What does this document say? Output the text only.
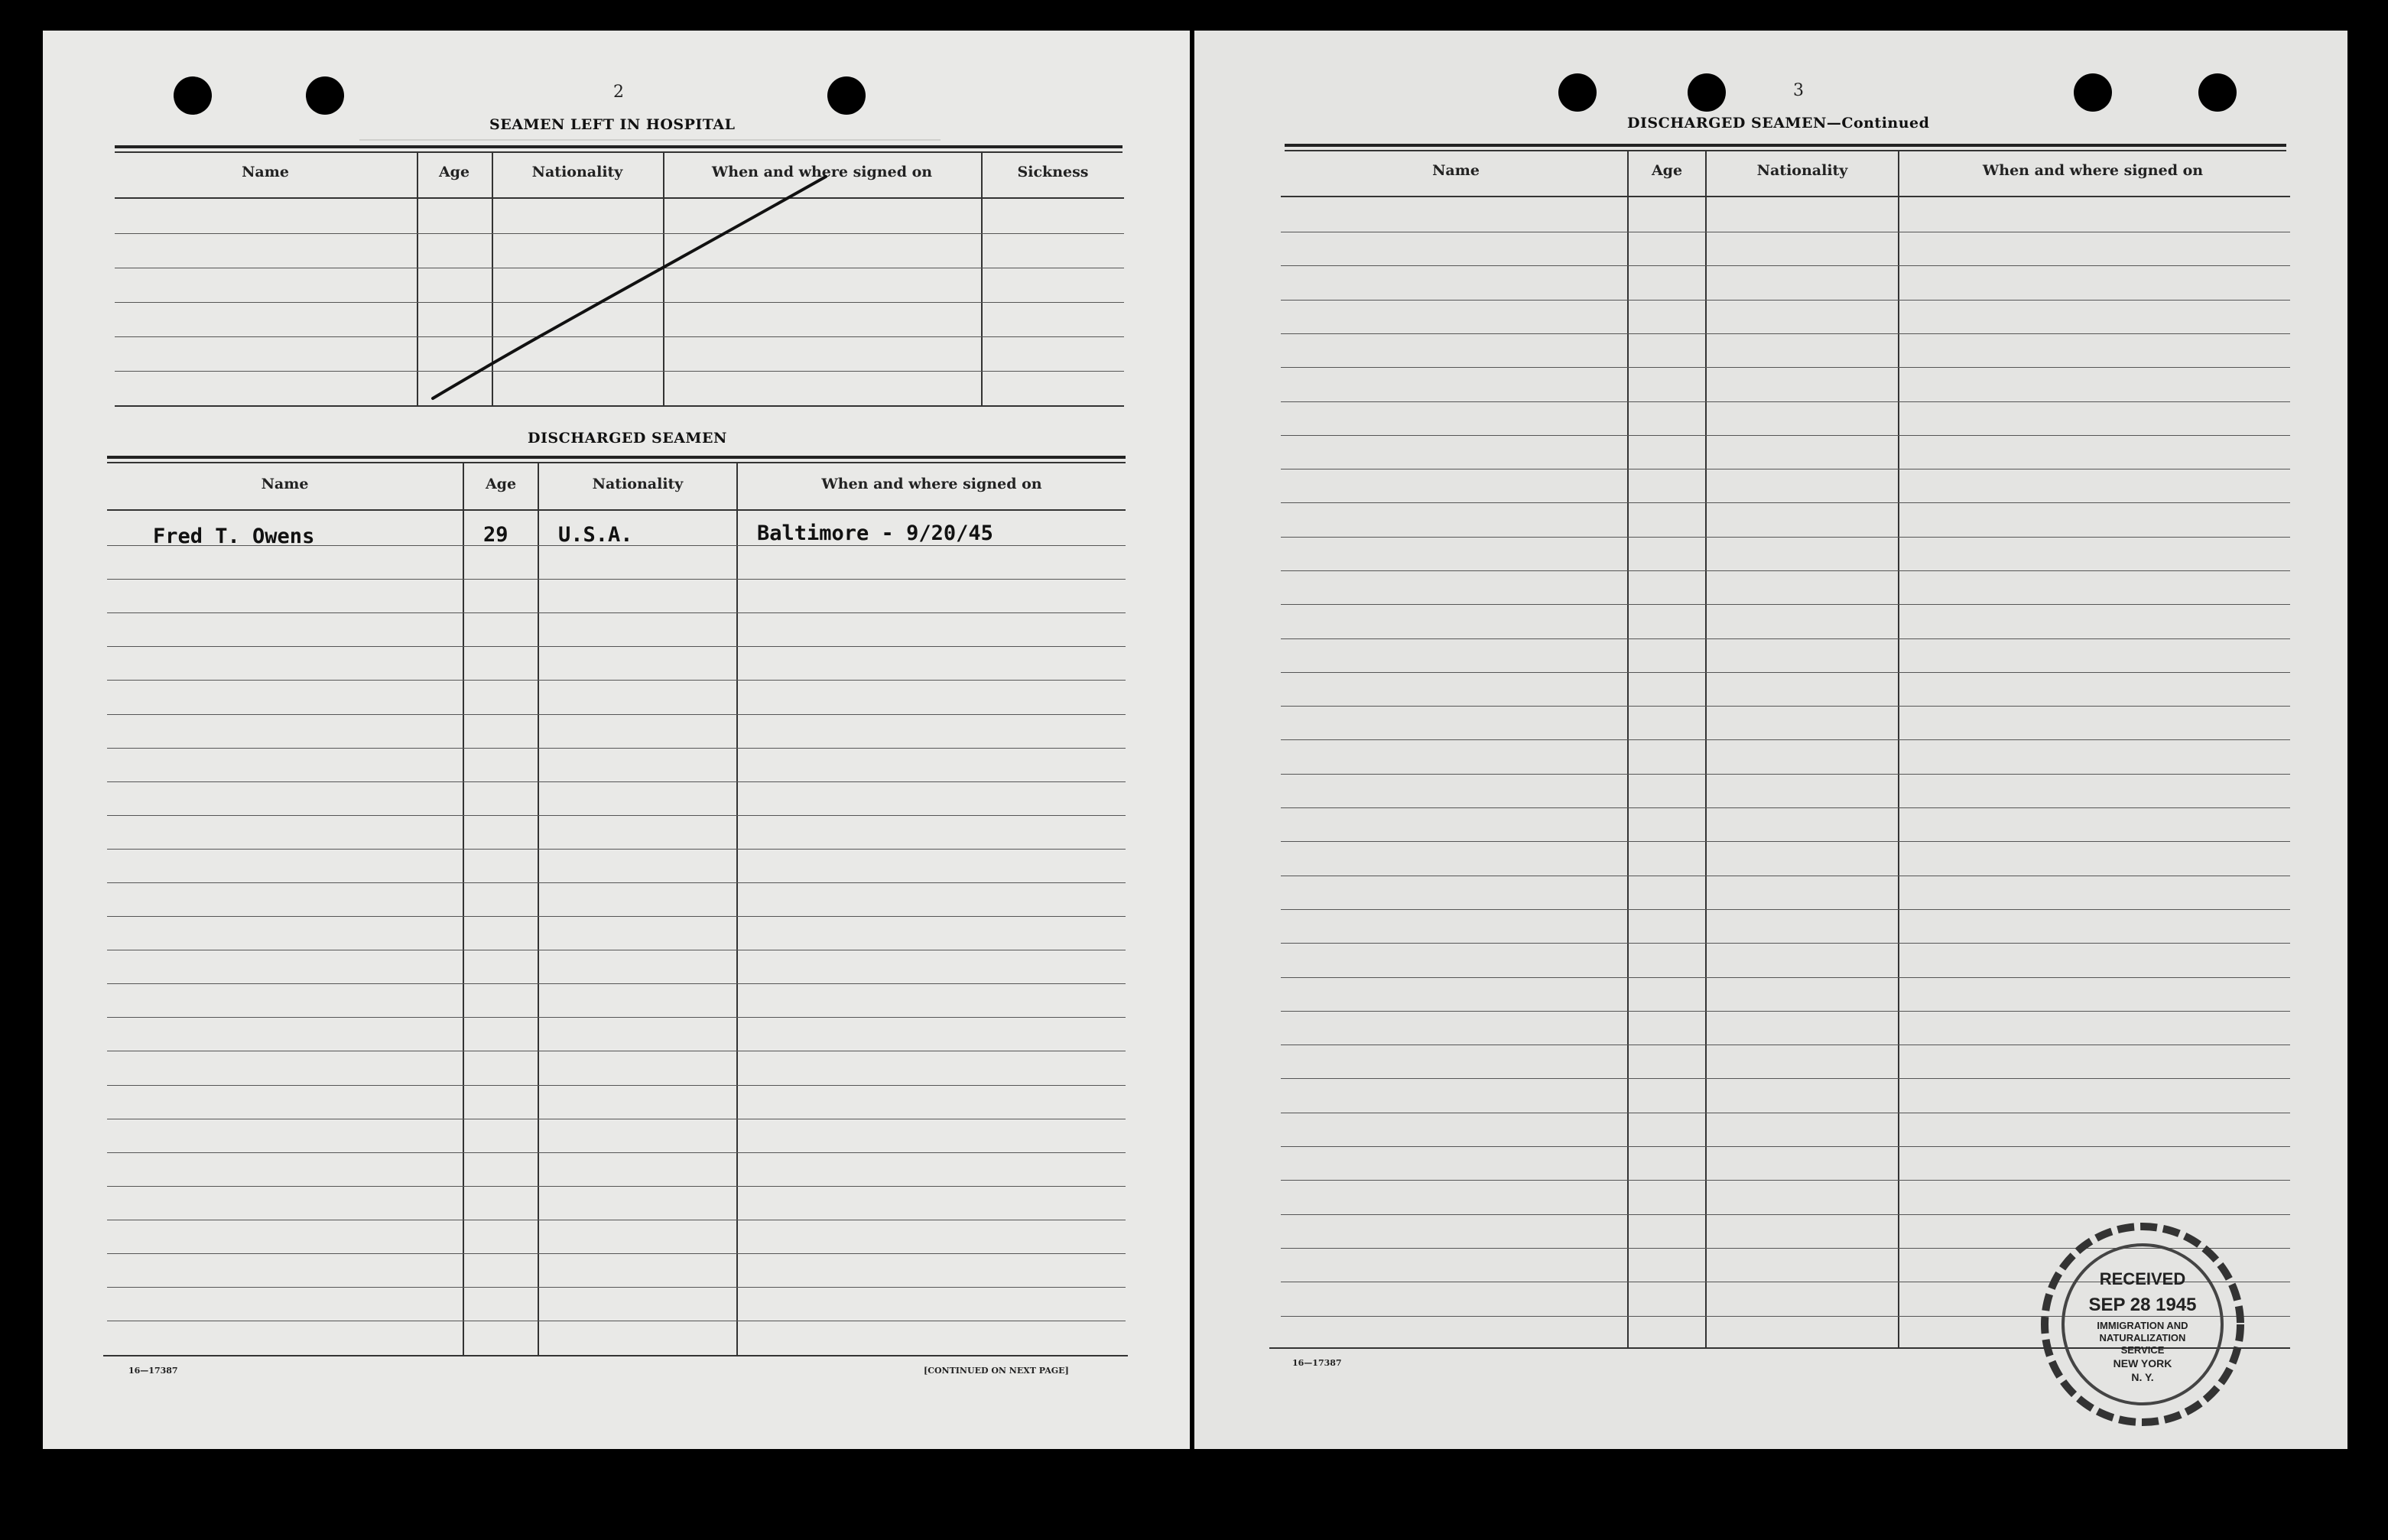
2
SEAMEN LEFT IN HOSPITAL
Name	Age	Nationality	When and where signed on	Sickness
DISCHARGED SEAMEN
Name	Age	Nationality	When and where signed on
Fred T. Owens	29 U.S.A.	Baltimore - 9/20/45
16—17387	[CONTINUED ON NEXT PAGE]
3
DISCHARGED SEAMEN—Continued
Name	Age	Nationality	When and where signed on
16—17387
RECEIVED
SEP 28 1945
IMMIGRATION AND
NATURALIZATION
SERVICE
NEW YORK
N. Y.
